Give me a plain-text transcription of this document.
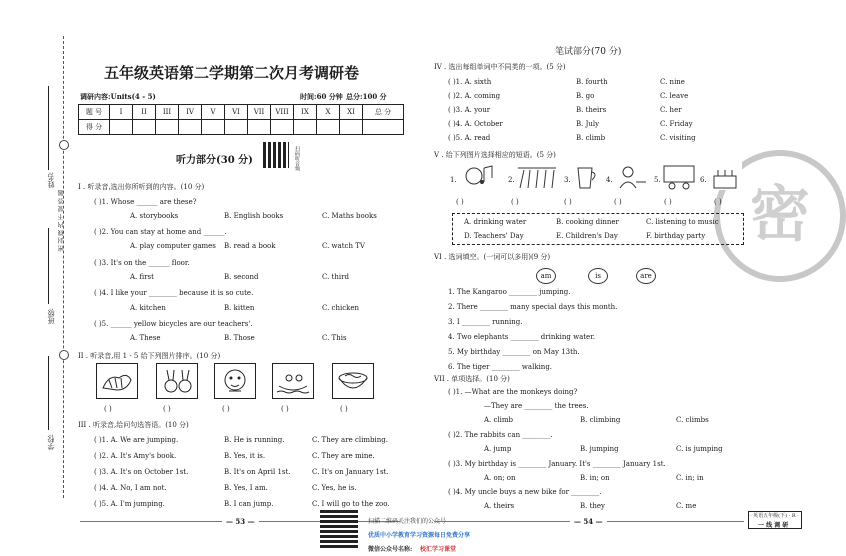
姓名:
密 封 线 内 不 要 答 题
班级:
学校:
五年级英语第二学期第二次月考调研卷
调研内容:Units(4 - 5)	时间:60 分钟 总分:100 分
题 号	I	II	III	IV	V	VI	VII	VIII	IX	X	XI	总 分
得 分												
听力部分(30 分)	扫码听音频
I . 听录音,选出你所听到的内容。(10 分)
( )1. Whose ______ are these?
A. storybooks	B. English books	C. Maths books
( )2. You can stay at home and ______.
A. play computer games B. read a book	C. watch TV
( )3. It's on the ______ floor.
A. first	B. second	C. third
( )4. I like your ________ because it is so cute.
A. kitchen	B. kitten	C. chicken
( )5. ______ yellow bicycles are our teachers'.
A. These	B. Those	C. This
II . 听录音,用 1 - 5 给下列图片排序。(10 分)
( )	( )	( )	( )	( )
III . 听录音,给问句选答语。(10 分)
( )1. A. We are jumping.	B. He is running.	C. They are climbing.
( )2. A. It's Amy's book.	B. Yes, it is.	C. They are mine.
( )3. A. It's on October 1st.	B. It's on April 1st.	C. It's on January 1st.
( )4. A. No, I am not.	B. Yes, I am.	C. Yes, he is.
( )5. A. I'm jumping.	B. I can jump.	C. I will go to the zoo.
— 53 —	扫描二维码关注我们的公众号
优质中小学教育学习资源每日免费分享
微信公众号名称: 校汇学习课堂
密
笔试部分(70 分)
IV . 选出每组单词中不同类的一项。(5 分)
( )1. A. sixth	B. fourth	C. nine
( )2. A. coming	B. go	C. leave
( )3. A. your	B. theirs	C. her
( )4. A. October	B. July	C. Friday
( )5. A. read	B. climb	C. visiting
V . 给下列图片选择相应的短语。(5 分)
1.	2.	3.	4.	5.	6.
( )	( )	( )	( )	( )	( )
A. drinking water	B. cooking dinner	C. listening to music
D. Teachers' Day	E. Children's Day	F. birthday party
VI . 选词填空。(一词可以多用)(9 分)
am	is	are
1. The Kangaroo ________ jumping.
2. There ________ many special days this month.
3. I ________ running.
4. Two elephants ________ drinking water.
5. My birthday ________ on May 13th.
6. The tiger ________ walking.
VII . 单项选择。(10 分)
( )1. —What are the monkeys doing?
—They are ________ the trees.
A. climb	B. climbing	C. climbs
( )2. The rabbits can ________.
A. jump	B. jumping	C. is jumping
( )3. My birthday is ________ January. It's ________ January 1st.
A. on; on	B. in; on	C. in; in
( )4. My uncle buys a new bike for ________.
A. theirs	B. they	C. me
— 54 —
· 英语五年级(下) · R ·
一 线 调 研
